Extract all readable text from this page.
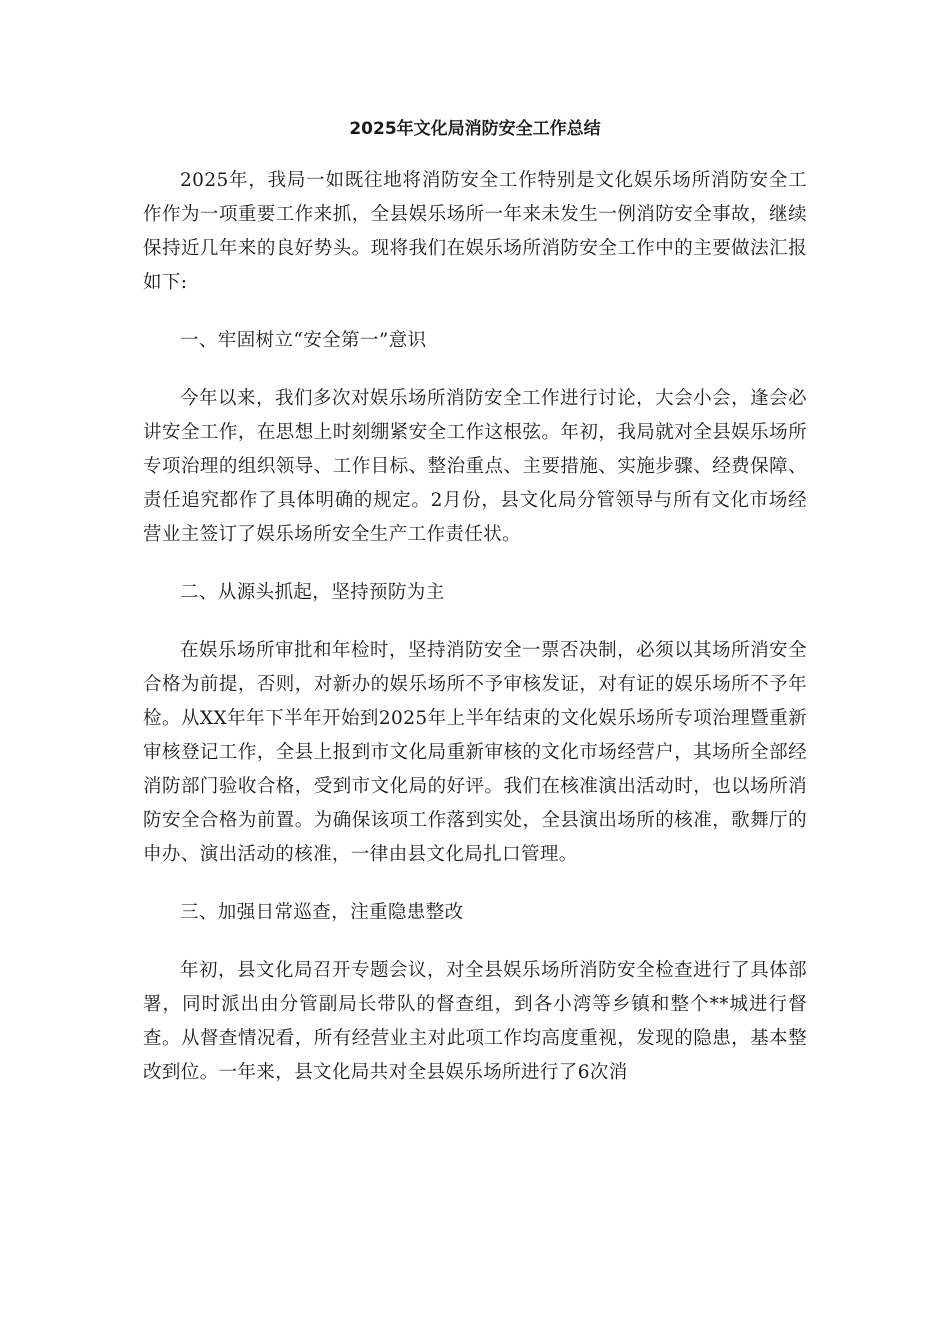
2025年文化局消防安全工作总结

2025年，我局一如既往地将消防安全工作特别是文化娱乐场所消防安全工作作为一项重要工作来抓，全县娱乐场所一年来未发生一例消防安全事故，继续保持近几年来的良好势头。现将我们在娱乐场所消防安全工作中的主要做法汇报如下:

一、牢固树立“安全第一”意识

今年以来，我们多次对娱乐场所消防安全工作进行讨论，大会小会，逢会必讲安全工作，在思想上时刻绷紧安全工作这根弦。年初，我局就对全县娱乐场所专项治理的组织领导、工作目标、整治重点、主要措施、实施步骤、经费保障、责任追究都作了具体明确的规定。2月份，县文化局分管领导与所有文化市场经营业主签订了娱乐场所安全生产工作责任状。

二、从源头抓起，坚持预防为主

在娱乐场所审批和年检时，坚持消防安全一票否决制，必须以其场所消安全合格为前提，否则，对新办的娱乐场所不予审核发证，对有证的娱乐场所不予年检。从XX年年下半年开始到2025年上半年结束的文化娱乐场所专项治理暨重新审核登记工作，全县上报到市文化局重新审核的文化市场经营户，其场所全部经消防部门验收合格，受到市文化局的好评。我们在核准演出活动时，也以场所消防安全合格为前置。为确保该项工作落到实处，全县演出场所的核准，歌舞厅的申办、演出活动的核准，一律由县文化局扎口管理。

三、加强日常巡查，注重隐患整改

年初，县文化局召开专题会议，对全县娱乐场所消防安全检查进行了具体部署，同时派出由分管副局长带队的督查组，到各小湾等乡镇和整个**城进行督查。从督查情况看，所有经营业主对此项工作均高度重视，发现的隐患，基本整改到位。一年来，县文化局共对全县娱乐场所进行了6次消
